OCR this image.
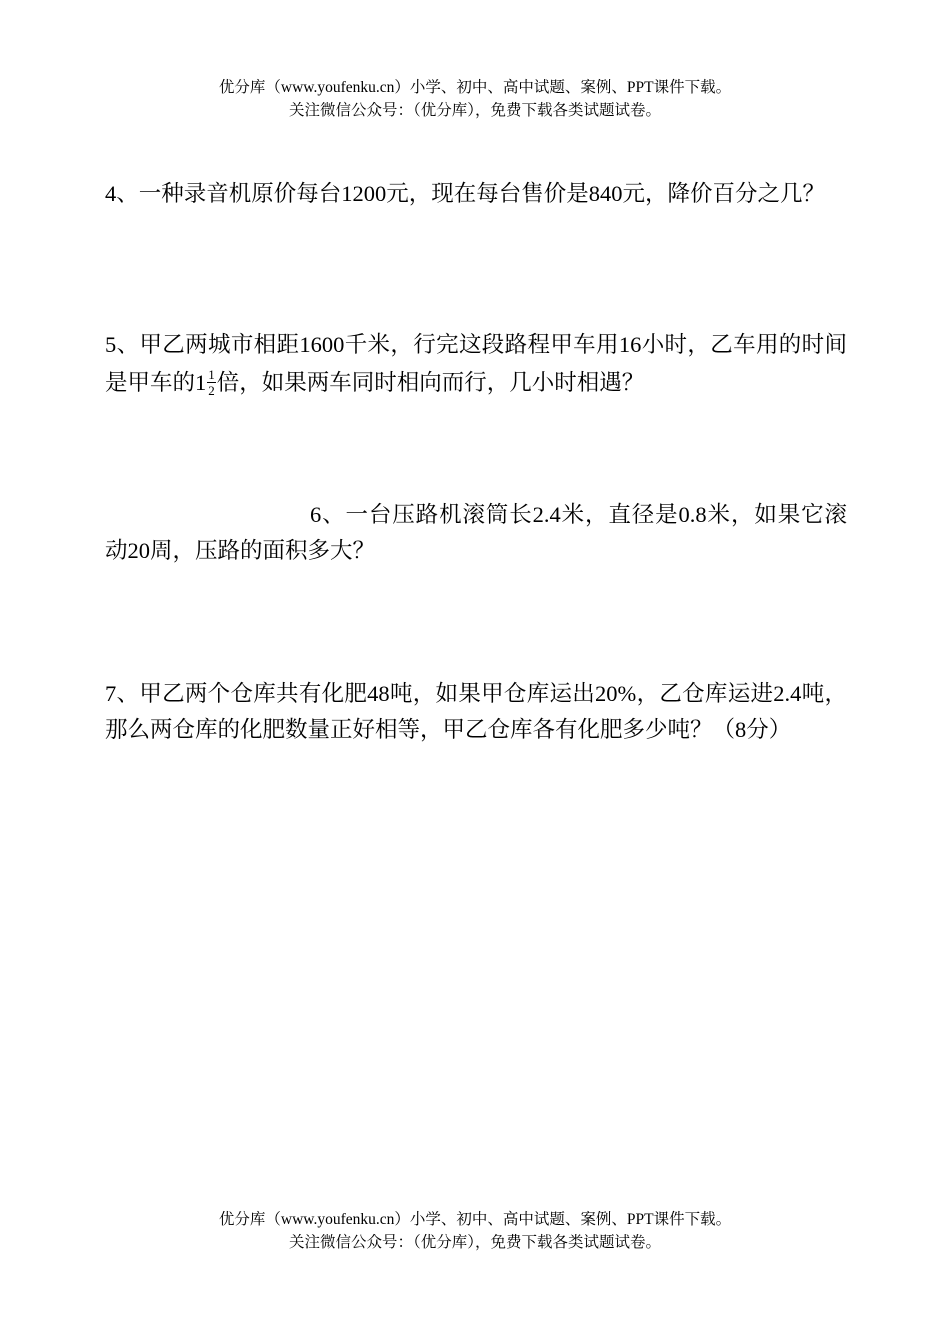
优分库（www.youfenku.cn）小学、初中、高中试题、案例、PPT课件下载。
关注微信公众号：（优分库），免费下载各类试题试卷。
4、一种录音机原价每台1200元，现在每台售价是840元，降价百分之几？
5、甲乙两城市相距1600千米，行完这段路程甲车用16小时，乙车用的时间是甲车的$1 \frac{1}{2}$ 倍，如果两车同时相向而行，几小时相遇？
6、一台压路机滚筒长2.4米，直径是0.8米，如果它滚动20周，压路的面积多大？
7、甲乙两个仓库共有化肥48吨，如果甲仓库运出20%，乙仓库运进2.4吨，那么两仓库的化肥数量正好相等，甲乙仓库各有化肥多少吨？（8分）
优分库（www.youfenku.cn）小学、初中、高中试题、案例、PPT课件下载。
关注微信公众号：（优分库），免费下载各类试题试卷。
